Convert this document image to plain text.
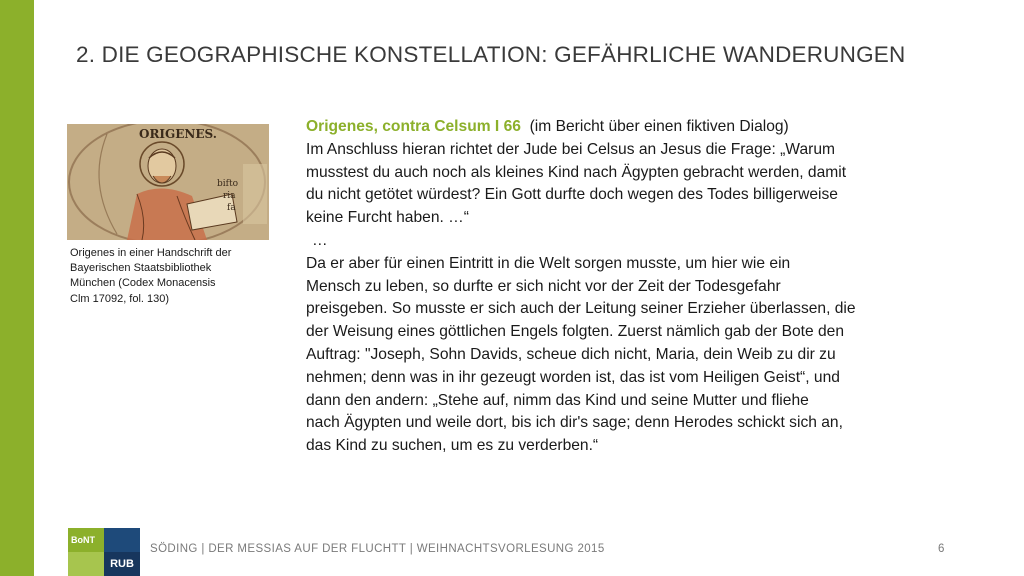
2. DIE GEOGRAPHISCHE KONSTELLATION: GEFÄHRLICHE WANDERUNGEN
ORIGENES.
bifto
ria
fa
Origenes in einer Handschrift der
Bayerischen Staatsbibliothek
München (Codex Monacensis
Clm 17092, fol. 130)
Origenes, contra Celsum I 66 (im Bericht über einen fiktiven Dialog)
Im Anschluss hieran richtet der Jude bei Celsus an Jesus die Frage: „Warum
musstest du auch noch als kleines Kind nach Ägypten gebracht werden, damit
du nicht getötet würdest? Ein Gott durfte doch wegen des Todes billigerweise
keine Furcht haben. …“
…
Da er aber für einen Eintritt in die Welt sorgen musste, um hier wie ein
Mensch zu leben, so durfte er sich nicht vor der Zeit der Todesgefahr
preisgeben. So musste er sich auch der Leitung seiner Erzieher überlassen, die
der Weisung eines göttlichen Engels folgten. Zuerst nämlich gab der Bote den
Auftrag: "Joseph, Sohn Davids, scheue dich nicht, Maria, dein Weib zu dir zu
nehmen; denn was in ihr gezeugt worden ist, das ist vom Heiligen Geist“, und
dann den andern: „Stehe auf, nimm das Kind und seine Mutter und fliehe
nach Ägypten und weile dort, bis ich dir's sage; denn Herodes schickt sich an,
das Kind zu suchen, um es zu verderben.“
BoNT
RUB
SÖDING | DER MESSIAS AUF DER FLUCHTT | WEIHNACHTSVORLESUNG 2015	6
